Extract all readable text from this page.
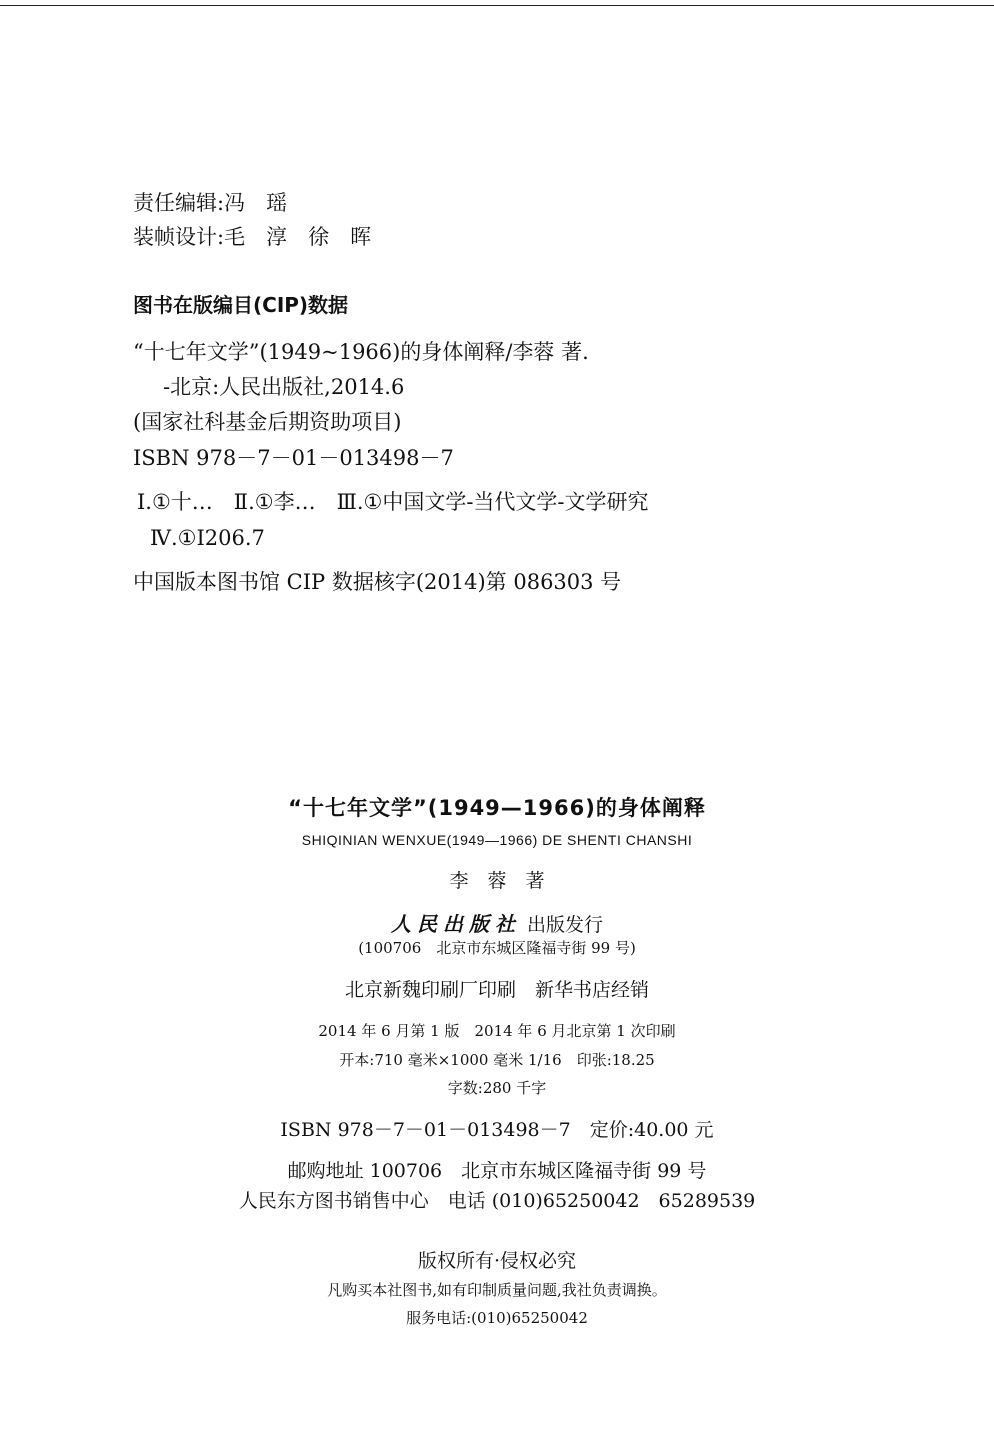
责任编辑:冯　瑶
装帧设计:毛　淳　徐　晖
图书在版编目(CIP)数据
“十七年文学”(1949~1966)的身体阐释/李蓉 著.
-北京:人民出版社,2014.6
(国家社科基金后期资助项目)
ISBN 978－7－01－013498－7
Ⅰ.①十…　Ⅱ.①李…　Ⅲ.①中国文学-当代文学-文学研究
Ⅳ.①I206.7
中国版本图书馆 CIP 数据核字(2014)第 086303 号
“十七年文学”(1949—1966)的身体阐释
SHIQINIAN WENXUE(1949—1966) DE SHENTI CHANSHI
李　蓉　著
人民出版社 出版发行
(100706　北京市东城区隆福寺街 99 号)
北京新魏印刷厂印刷　新华书店经销
2014 年 6 月第 1 版　2014 年 6 月北京第 1 次印刷
开本:710 毫米×1000 毫米 1/16　印张:18.25
字数:280 千字
ISBN 978－7－01－013498－7　定价:40.00 元
邮购地址 100706　北京市东城区隆福寺街 99 号
人民东方图书销售中心　电话 (010)65250042　65289539
版权所有·侵权必究
凡购买本社图书,如有印制质量问题,我社负责调换。
服务电话:(010)65250042
